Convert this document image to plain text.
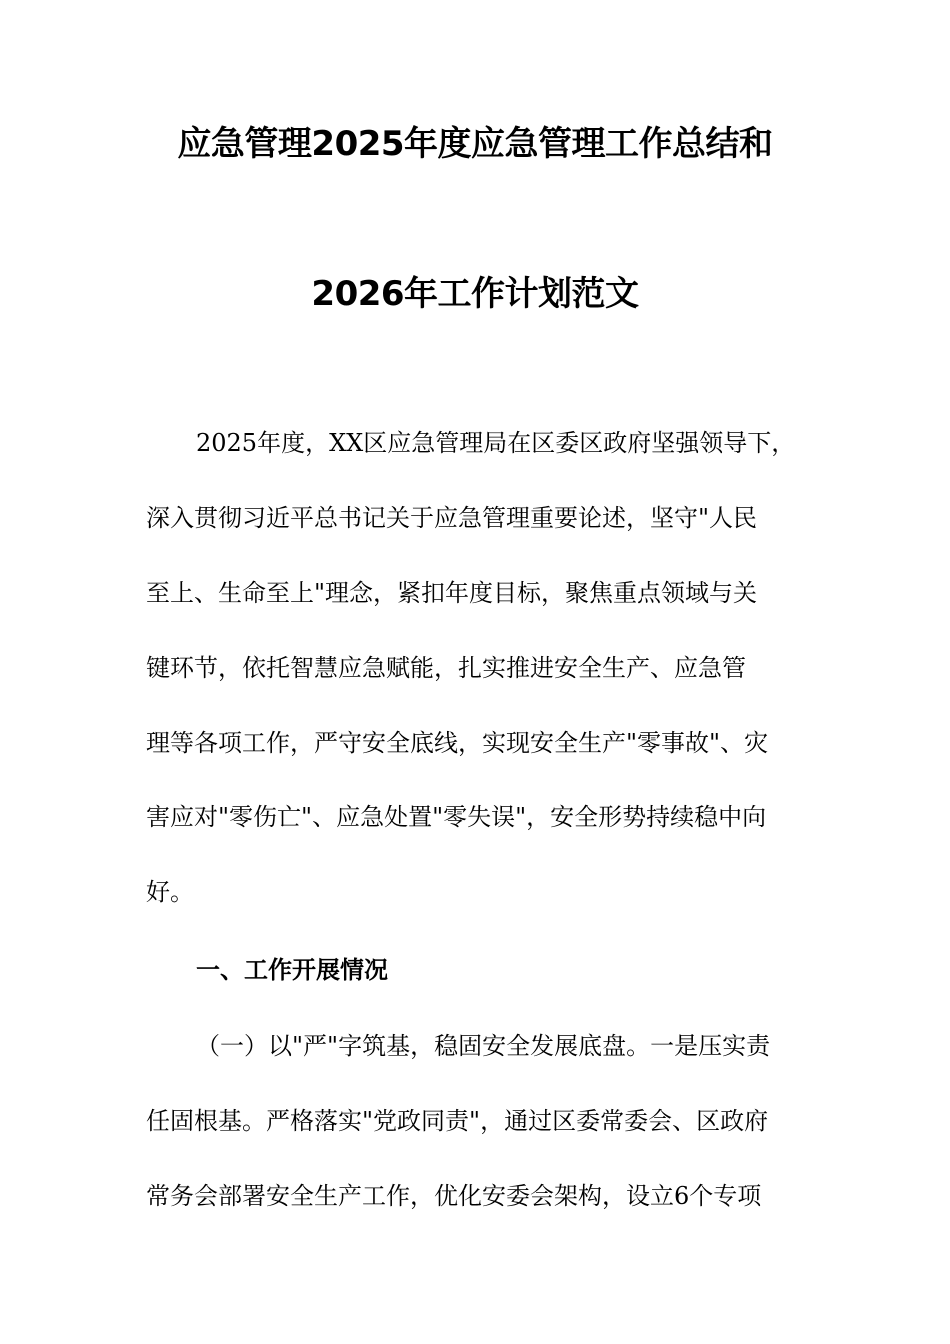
应急管理2025年度应急管理工作总结和
2026年工作计划范文
2025年度，XX区应急管理局在区委区政府坚强领导下，
深入贯彻习近平总书记关于应急管理重要论述，坚守"人民
至上、生命至上"理念，紧扣年度目标，聚焦重点领域与关
键环节，依托智慧应急赋能，扎实推进安全生产、应急管
理等各项工作，严守安全底线，实现安全生产"零事故"、灾
害应对"零伤亡"、应急处置"零失误"，安全形势持续稳中向
好。
一、工作开展情况
（一）以"严"字筑基，稳固安全发展底盘。一是压实责
任固根基。严格落实"党政同责"，通过区委常委会、区政府
常务会部署安全生产工作，优化安委会架构，设立6个专项
